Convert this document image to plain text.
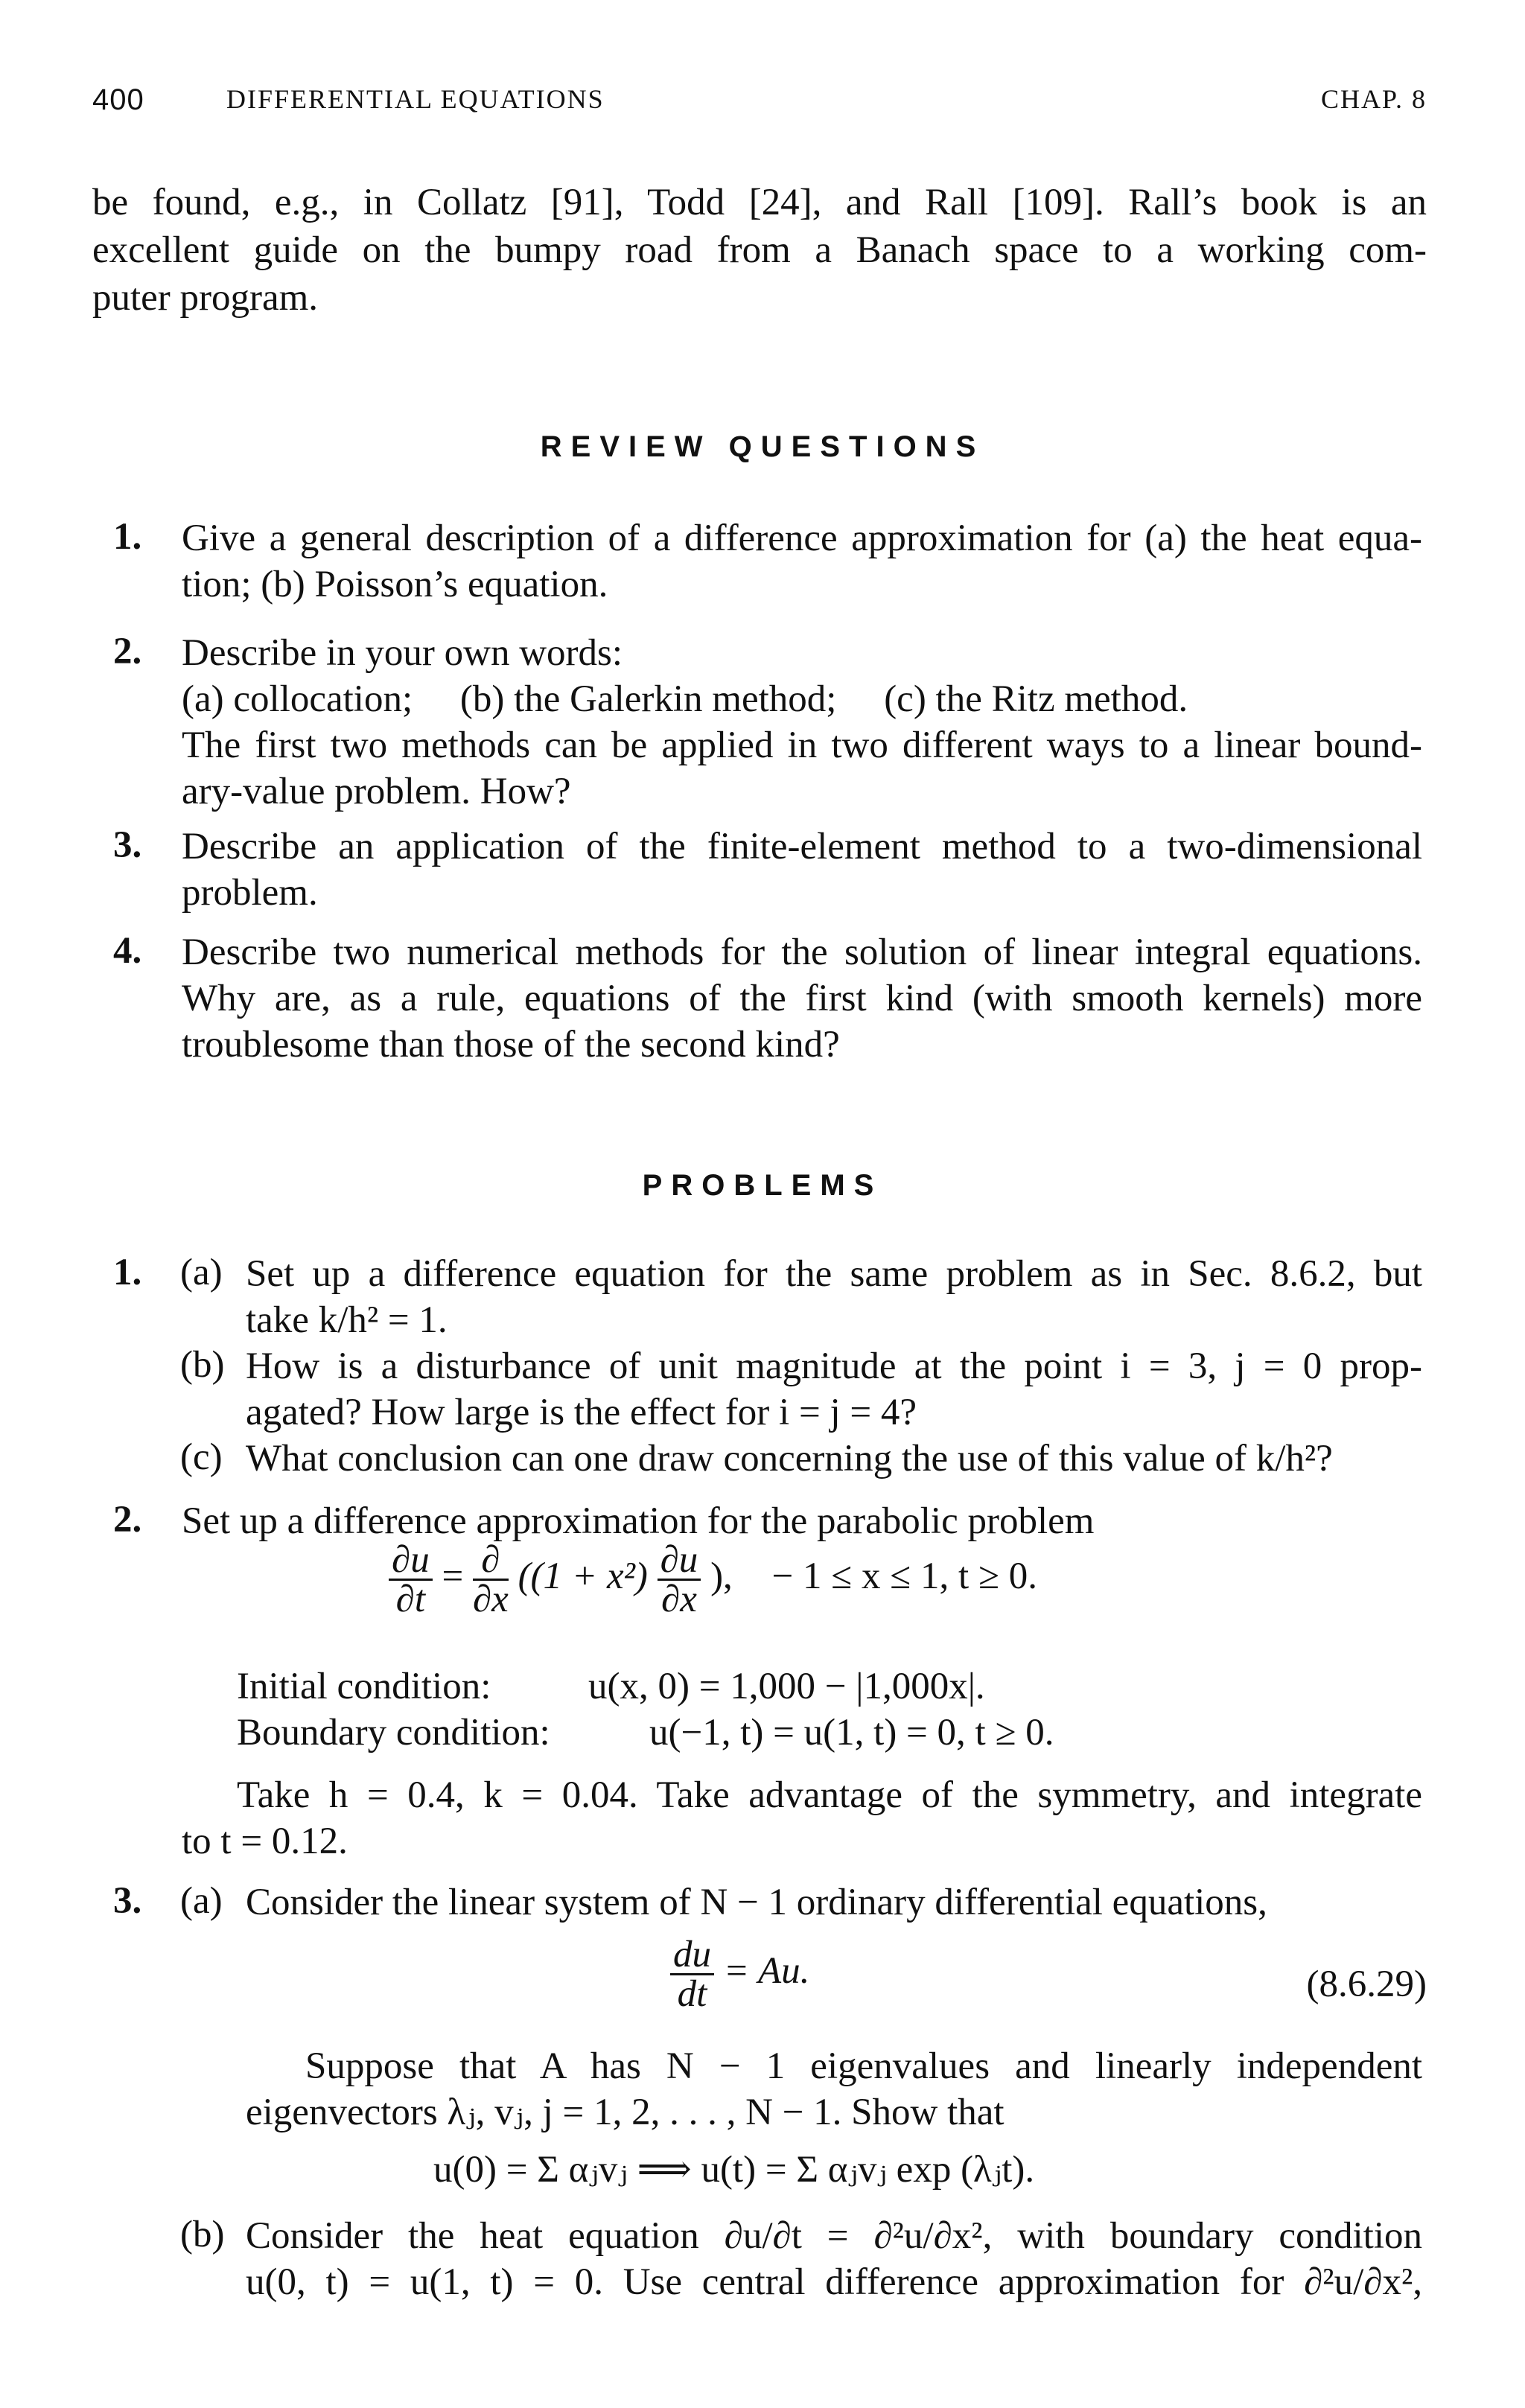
400	DIFFERENTIAL EQUATIONS	CHAP. 8
be found, e.g., in Collatz [91], Todd [24], and Rall [109]. Rall’s book is an
excellent guide on the bumpy road from a Banach space to a working com-
puter program.
REVIEW QUESTIONS
1. Give a general description of a difference approximation for (a) the heat equa-
tion; (b) Poisson’s equation.
2. Describe in your own words:
(a) collocation;     (b) the Galerkin method;     (c) the Ritz method.
The first two methods can be applied in two different ways to a linear bound-
ary-value problem. How?
3. Describe an application of the finite-element method to a two-dimensional
problem.
4. Describe two numerical methods for the solution of linear integral equations.
Why are, as a rule, equations of the first kind (with smooth kernels) more
troublesome than those of the second kind?
PROBLEMS
1. (a) Set up a difference equation for the same problem as in Sec. 8.6.2, but
take k/h² = 1.
(b) How is a disturbance of unit magnitude at the point i = 3, j = 0 prop-
agated? How large is the effect for i = j = 4?
(c) What conclusion can one draw concerning the use of this value of k/h²?
2. Set up a difference approximation for the parabolic problem
$\frac{\partial u}{\partial t} = \frac{\partial}{\partial x} ((1 + x^2) \frac{\partial u}{\partial x}$ ), − 1 ≤ x ≤ 1, t ≥ 0.
Initial condition:	u(x, 0) = 1,000 − |1,000x|.
Boundary condition:	u(−1, t) = u(1, t) = 0, t ≥ 0.
Take h = 0.4, k = 0.04. Take advantage of the symmetry, and integrate
to t = 0.12.
3. (a) Consider the linear system of N − 1 ordinary differential equations,
$\frac{du}{dt} = Au$.	(8.6.29)
Suppose that A has N − 1 eigenvalues and linearly independent
eigenvectors λⱼ, vⱼ, j = 1, 2, . . . , N − 1. Show that
u(0) = Σ αⱼvⱼ ⟹ u(t) = Σ αⱼvⱼ exp (λⱼt).
(b) Consider the heat equation ∂u/∂t = ∂²u/∂x², with boundary condition
u(0, t) = u(1, t) = 0. Use central difference approximation for ∂²u/∂x²,
